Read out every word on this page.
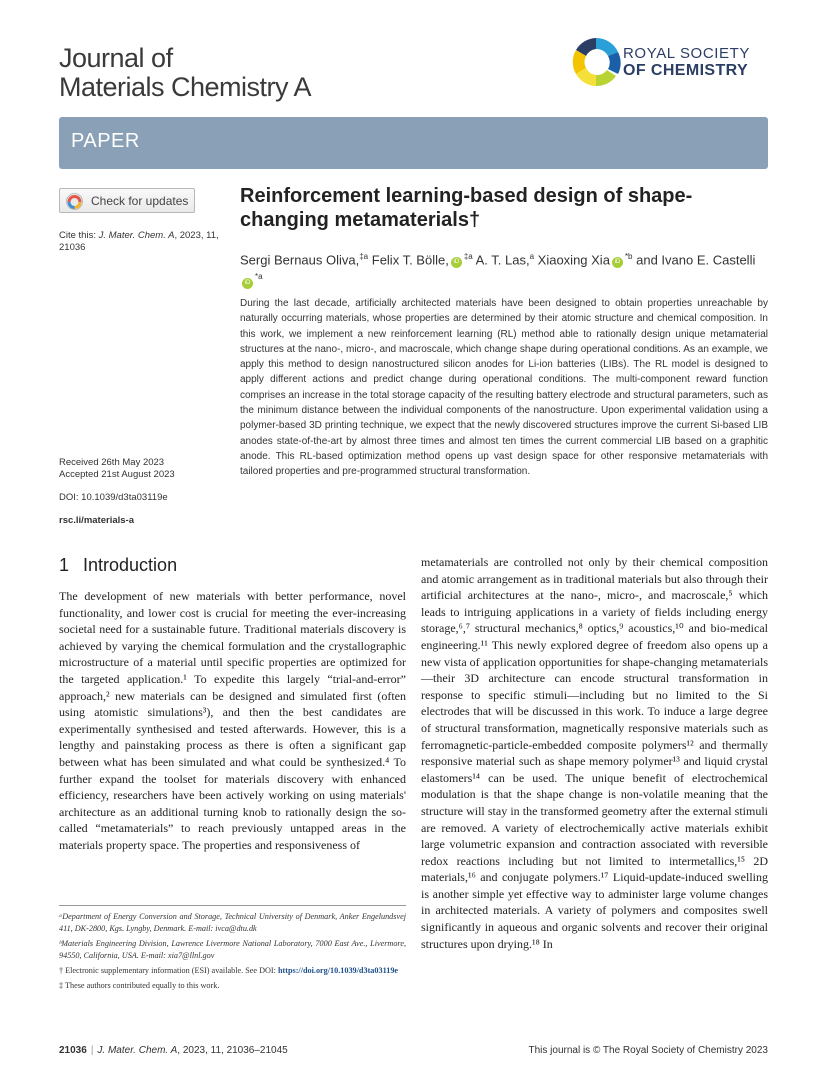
Journal of
Materials Chemistry A
ROYAL SOCIETY
OF CHEMISTRY
PAPER
Check for updates
Cite this: J. Mater. Chem. A, 2023, 11, 21036
Received 26th May 2023
Accepted 21st August 2023
DOI: 10.1039/d3ta03119e
rsc.li/materials-a
Reinforcement learning-based design of shape-changing metamaterials†
Sergi Bernaus Oliva,$^{\ddagger a}$ Felix T. Bölle, $iD^{\ddagger a}$ A. T. Las,$^a$ Xiaoxing Xia $iD^{*b}$ and Ivano E. CastelliiD$^{*a}$
During the last decade, artificially architected materials have been designed to obtain properties unreachable by naturally occurring materials, whose properties are determined by their atomic structure and chemical composition. In this work, we implement a new reinforcement learning (RL) method able to rationally design unique metamaterial structures at the nano-, micro-, and macroscale, which change shape during operational conditions. As an example, we apply this method to design nanostructured silicon anodes for Li-ion batteries (LIBs). The RL model is designed to apply different actions and predict change during operational conditions. The multi-component reward function comprises an increase in the total storage capacity of the resulting battery electrode and structural parameters, such as the minimum distance between the individual components of the nanostructure. Upon experimental validation using a polymer-based 3D printing technique, we expect that the newly discovered structures improve the current Si-based LIB anodes state-of-the-art by almost three times and almost ten times the current commercial LIB based on a graphitic anode. This RL-based optimization method opens up vast design space for other responsive metamaterials with tailored properties and pre-programmed structural transformation.
1 Introduction
The development of new materials with better performance, novel functionality, and lower cost is crucial for meeting the ever-increasing societal need for a sustainable future. Traditional materials discovery is achieved by varying the chemical formulation and the crystallographic microstructure of a material until specific properties are optimized for the targeted application.¹ To expedite this largely “trial-and-error” approach,² new materials can be designed and simulated first (often using atomistic simulations³), and then the best candidates are experimentally synthesised and tested afterwards. However, this is a lengthy and painstaking process as there is often a significant gap between what has been simulated and what could be synthesized.⁴ To further expand the toolset for materials discovery with enhanced efficiency, researchers have been actively working on using materials' architecture as an additional turning knob to rationally design the so-called “metamaterials” to reach previously untapped areas in the materials property space. The properties and responsiveness of
metamaterials are controlled not only by their chemical composition and atomic arrangement as in traditional materials but also through their artificial architectures at the nano-, micro-, and macroscale,⁵ which leads to intriguing applications in a variety of fields including energy storage,⁶,⁷ structural mechanics,⁸ optics,⁹ acoustics,¹⁰ and bio-medical engineering.¹¹ This newly explored degree of freedom also opens up a new vista of application opportunities for shape-changing metamaterials—their 3D architecture can encode structural transformation in response to specific stimuli—including but no limited to the Si electrodes that will be discussed in this work. To induce a large degree of structural transformation, magnetically responsive materials such as ferromagnetic-particle-embedded composite polymers¹² and thermally responsive material such as shape memory polymer¹³ and liquid crystal elastomers¹⁴ can be used. The unique benefit of electrochemical modulation is that the shape change is non-volatile meaning that the structure will stay in the transformed geometry after the external stimuli are removed. A variety of electrochemically active materials exhibit large volumetric expansion and contraction associated with reversible redox reactions including but not limited to intermetallics,¹⁵ 2D materials,¹⁶ and conjugate polymers.¹⁷ Liquid-update-induced swelling is another simple yet effective way to administer large volume changes in architected materials. A variety of polymers and composites swell significantly in aqueous and organic solvents and recover their original structures upon drying.¹⁸ In

ᵃDepartment of Energy Conversion and Storage, Technical University of Denmark, Anker Engelundsvej 411, DK-2800, Kgs. Lyngby, Denmark. E-mail: ivca@dtu.dk

ᵇMaterials Engineering Division, Lawrence Livermore National Laboratory, 7000 East Ave., Livermore, 94550, California, USA. E-mail: xia7@llnl.gov

† Electronic supplementary information (ESI) available. See DOI: https://doi.org/10.1039/d3ta03119e

‡ These authors contributed equally to this work.

21036 | J. Mater. Chem. A, 2023, 11, 21036–21045	This journal is © The Royal Society of Chemistry 2023
